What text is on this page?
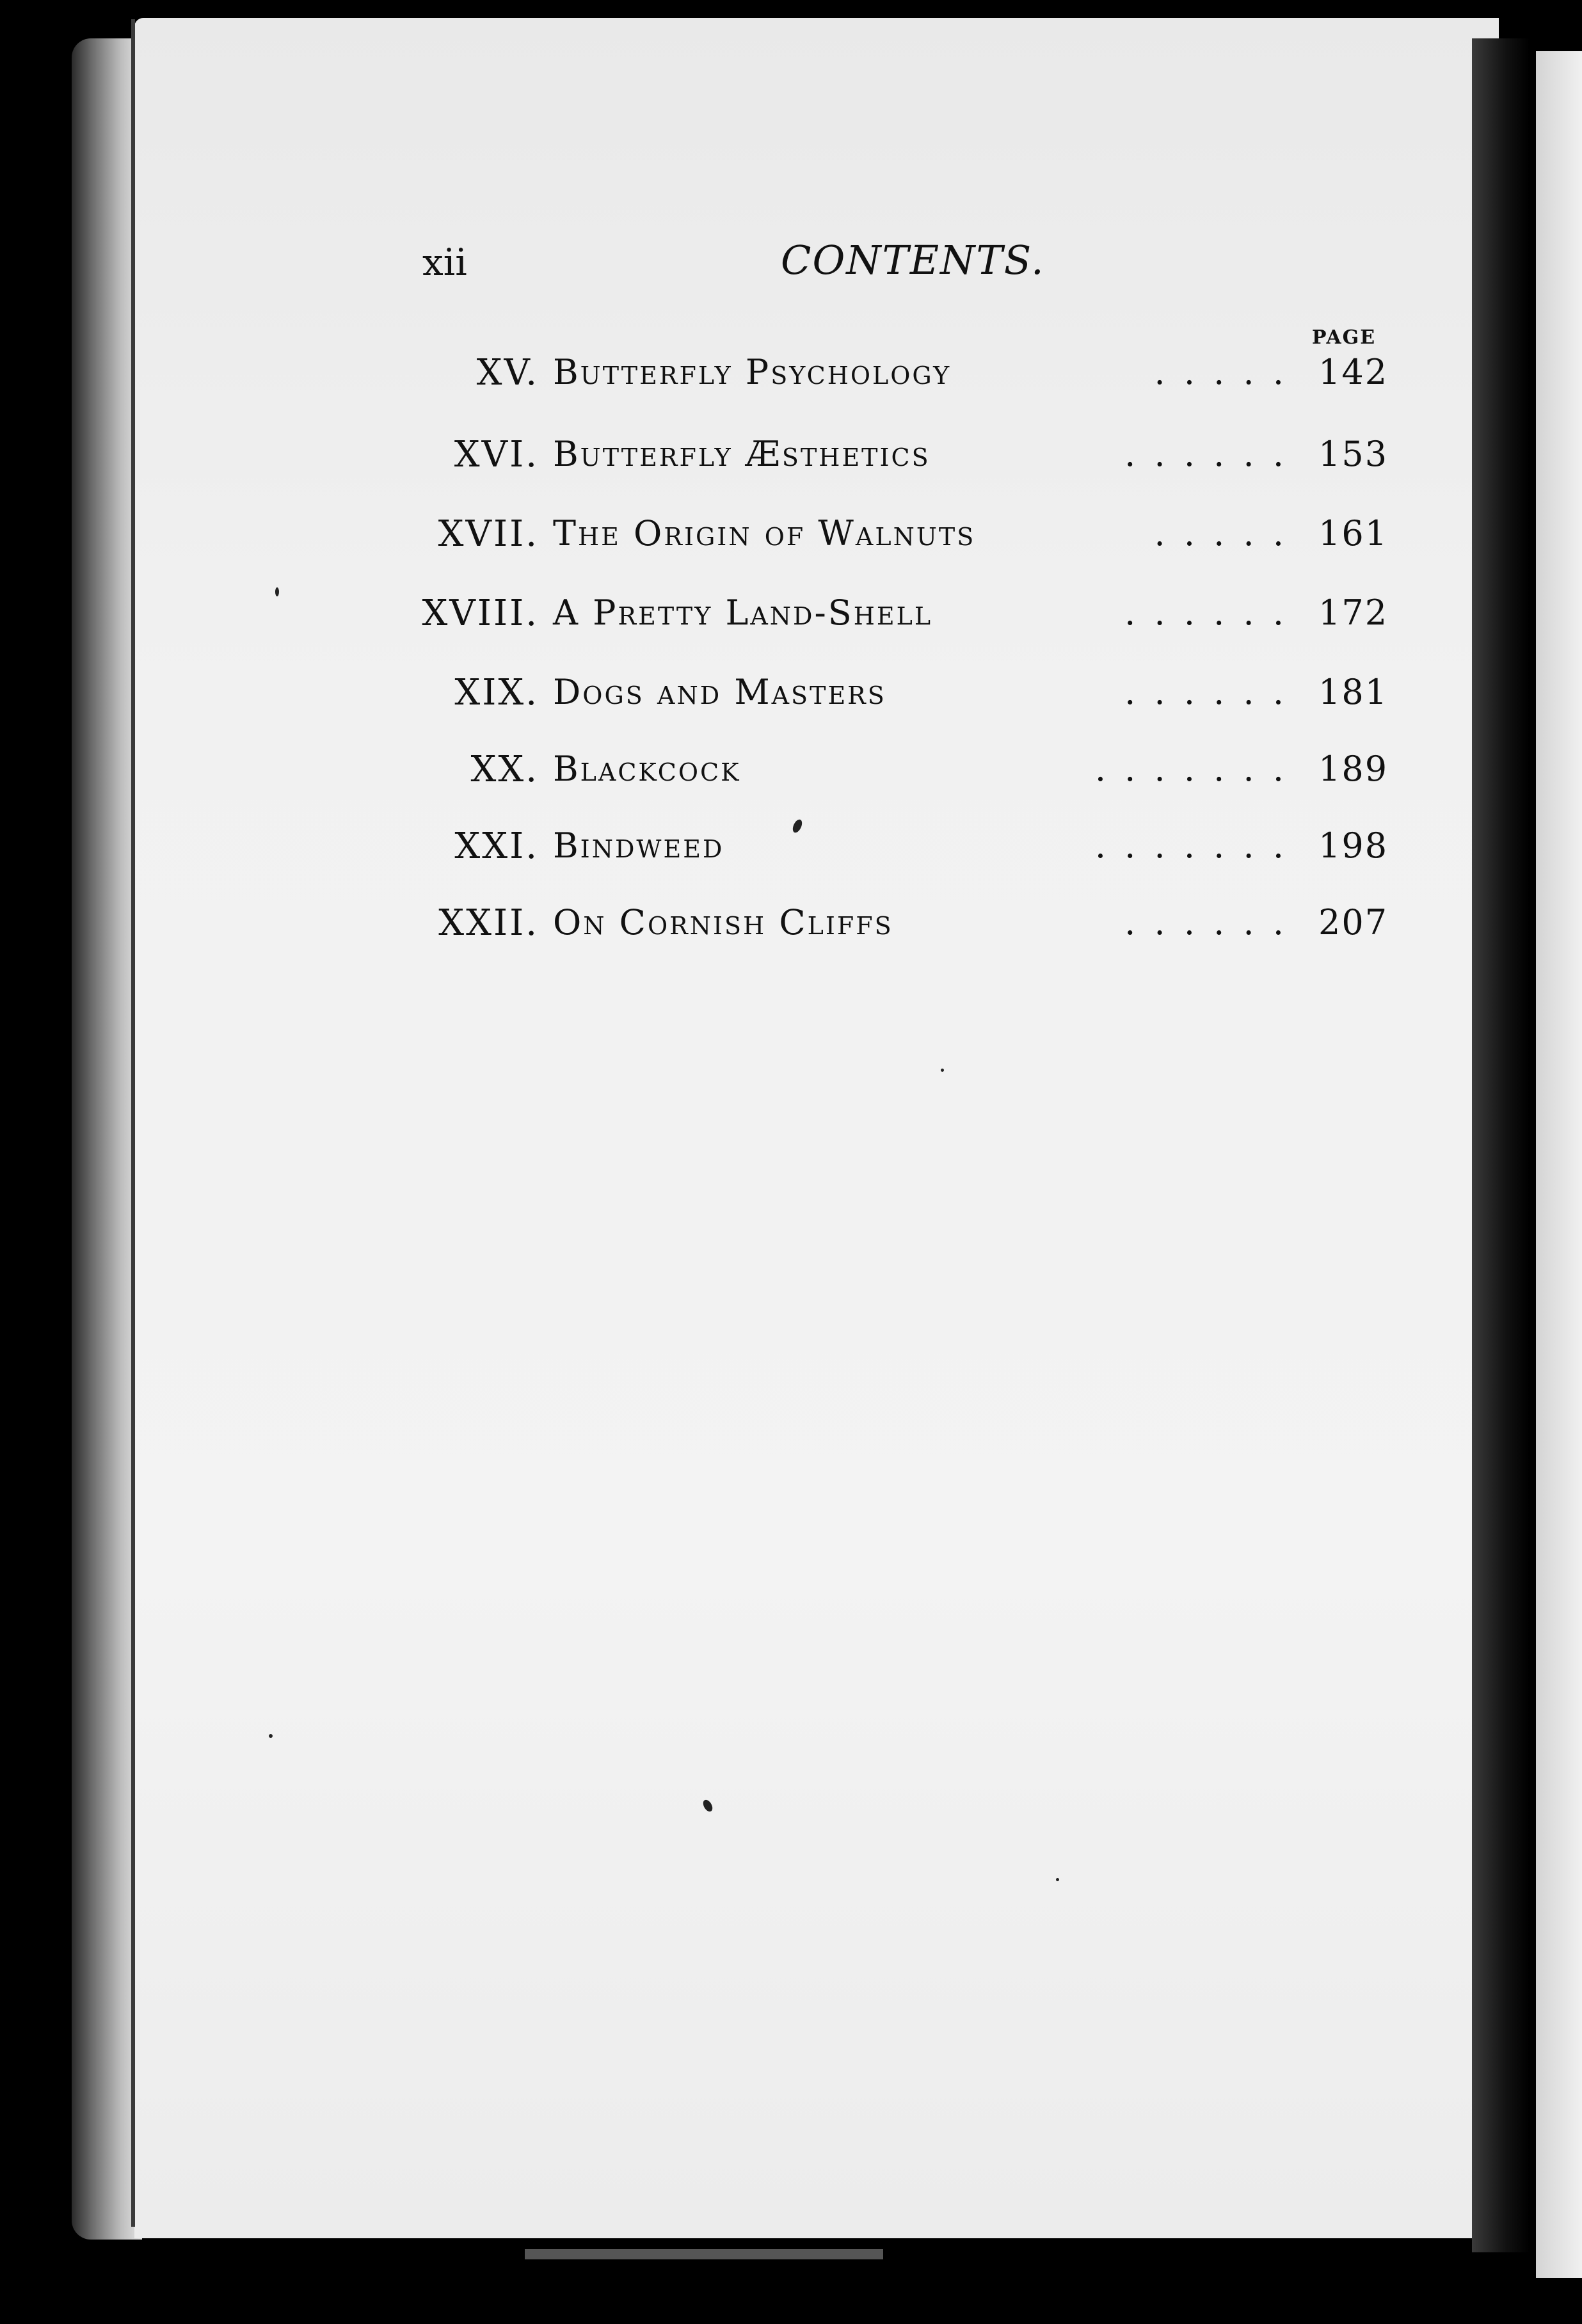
xii	CONTENTS.
PAGE
XV. Butterfly Psychology	. . . . . 142
XVI. Butterfly Æsthetics	. . . . . . 153
XVII. The Origin of Walnuts	. . . . . 161
XVIII. A Pretty Land-Shell	. . . . . . 172
XIX. Dogs and Masters	. . . . . . 181
XX. Blackcock	. . . . . . . 189
XXI. Bindweed	. . . . . . . 198
XXII. On Cornish Cliffs	. . . . . . 207
